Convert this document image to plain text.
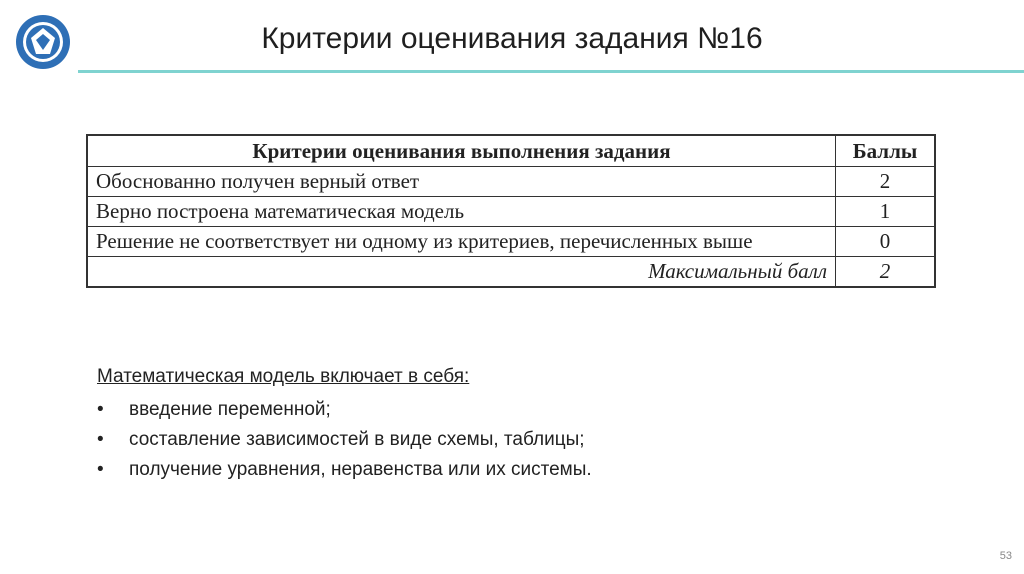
Критерии оценивания задания №16
Критерии оценивания выполнения задания	Баллы
Обоснованно получен верный ответ	2
Верно построена математическая модель	1
Решение не соответствует ни одному из критериев, перечисленных выше	0
Максимальный балл	2
Математическая модель включает в себя:
•	введение переменной;
•	составление зависимостей в виде схемы, таблицы;
•	получение уравнения, неравенства или их системы.
53
